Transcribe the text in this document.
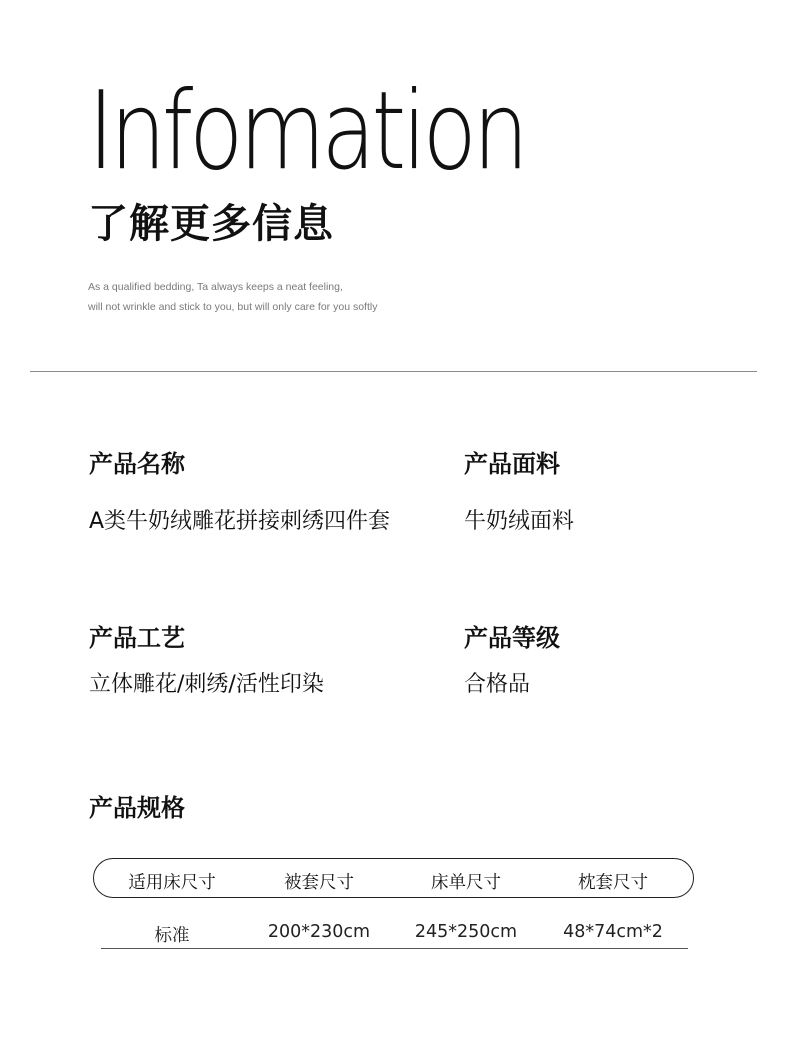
Infomation
了解更多信息
As a qualified bedding, Ta always keeps a neat feeling,
will not wrinkle and stick to you, but will only care for you softly
产品名称
A类牛奶绒雕花拼接刺绣四件套
产品面料
牛奶绒面料
产品工艺
立体雕花/刺绣/活性印染
产品等级
合格品
产品规格
适用床尺寸	被套尺寸	床单尺寸	枕套尺寸
标准	200*230cm	245*250cm	48*74cm*2
